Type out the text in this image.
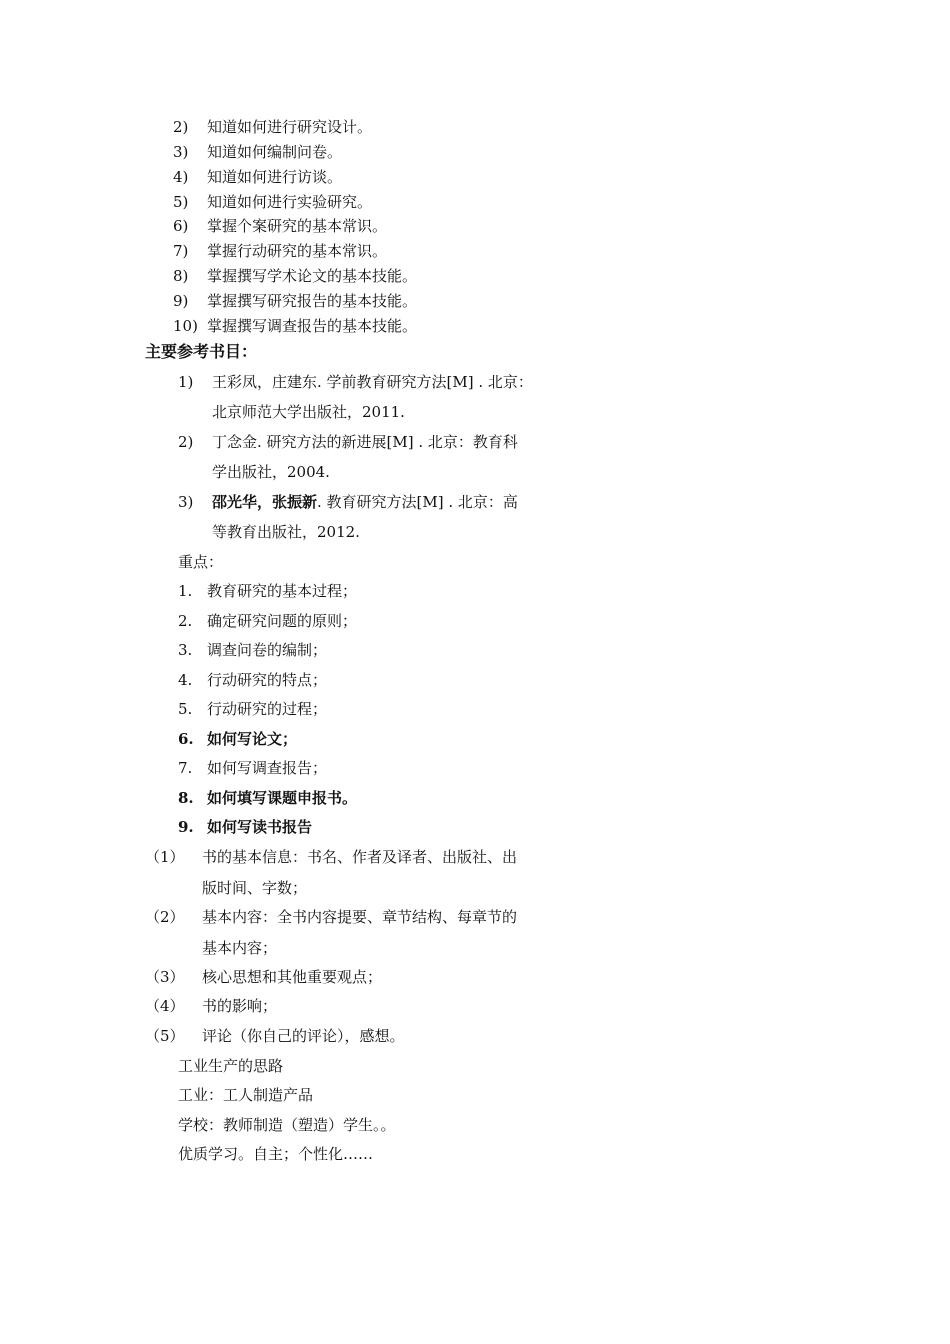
2) 知道如何进行研究设计。
3) 知道如何编制问卷。
4) 知道如何进行访谈。
5) 知道如何进行实验研究。
6) 掌握个案研究的基本常识。
7) 掌握行动研究的基本常识。
8) 掌握撰写学术论文的基本技能。
9) 掌握撰写研究报告的基本技能。
10) 掌握撰写调查报告的基本技能。
主要参考书目：
1) 王彩凤，庄建东. 学前教育研究方法[M] . 北京：
北京师范大学出版社，2011.
2) 丁念金. 研究方法的新进展[M] . 北京：教育科
学出版社，2004.
3) 邵光华，张振新. 教育研究方法[M] . 北京：高
等教育出版社，2012.
重点：
1. 教育研究的基本过程；
2. 确定研究问题的原则；
3. 调查问卷的编制；
4. 行动研究的特点；
5. 行动研究的过程；
6. 如何写论文；
7. 如何写调查报告；
8. 如何填写课题申报书。
9. 如何写读书报告
（1） 书的基本信息：书名、作者及译者、出版社、出
版时间、字数；
（2） 基本内容：全书内容提要、章节结构、每章节的
基本内容；
（3） 核心思想和其他重要观点；
（4） 书的影响；
（5） 评论（你自己的评论），感想。
工业生产的思路
工业：工人制造产品
学校：教师制造（塑造）学生。。
优质学习。自主；个性化……
